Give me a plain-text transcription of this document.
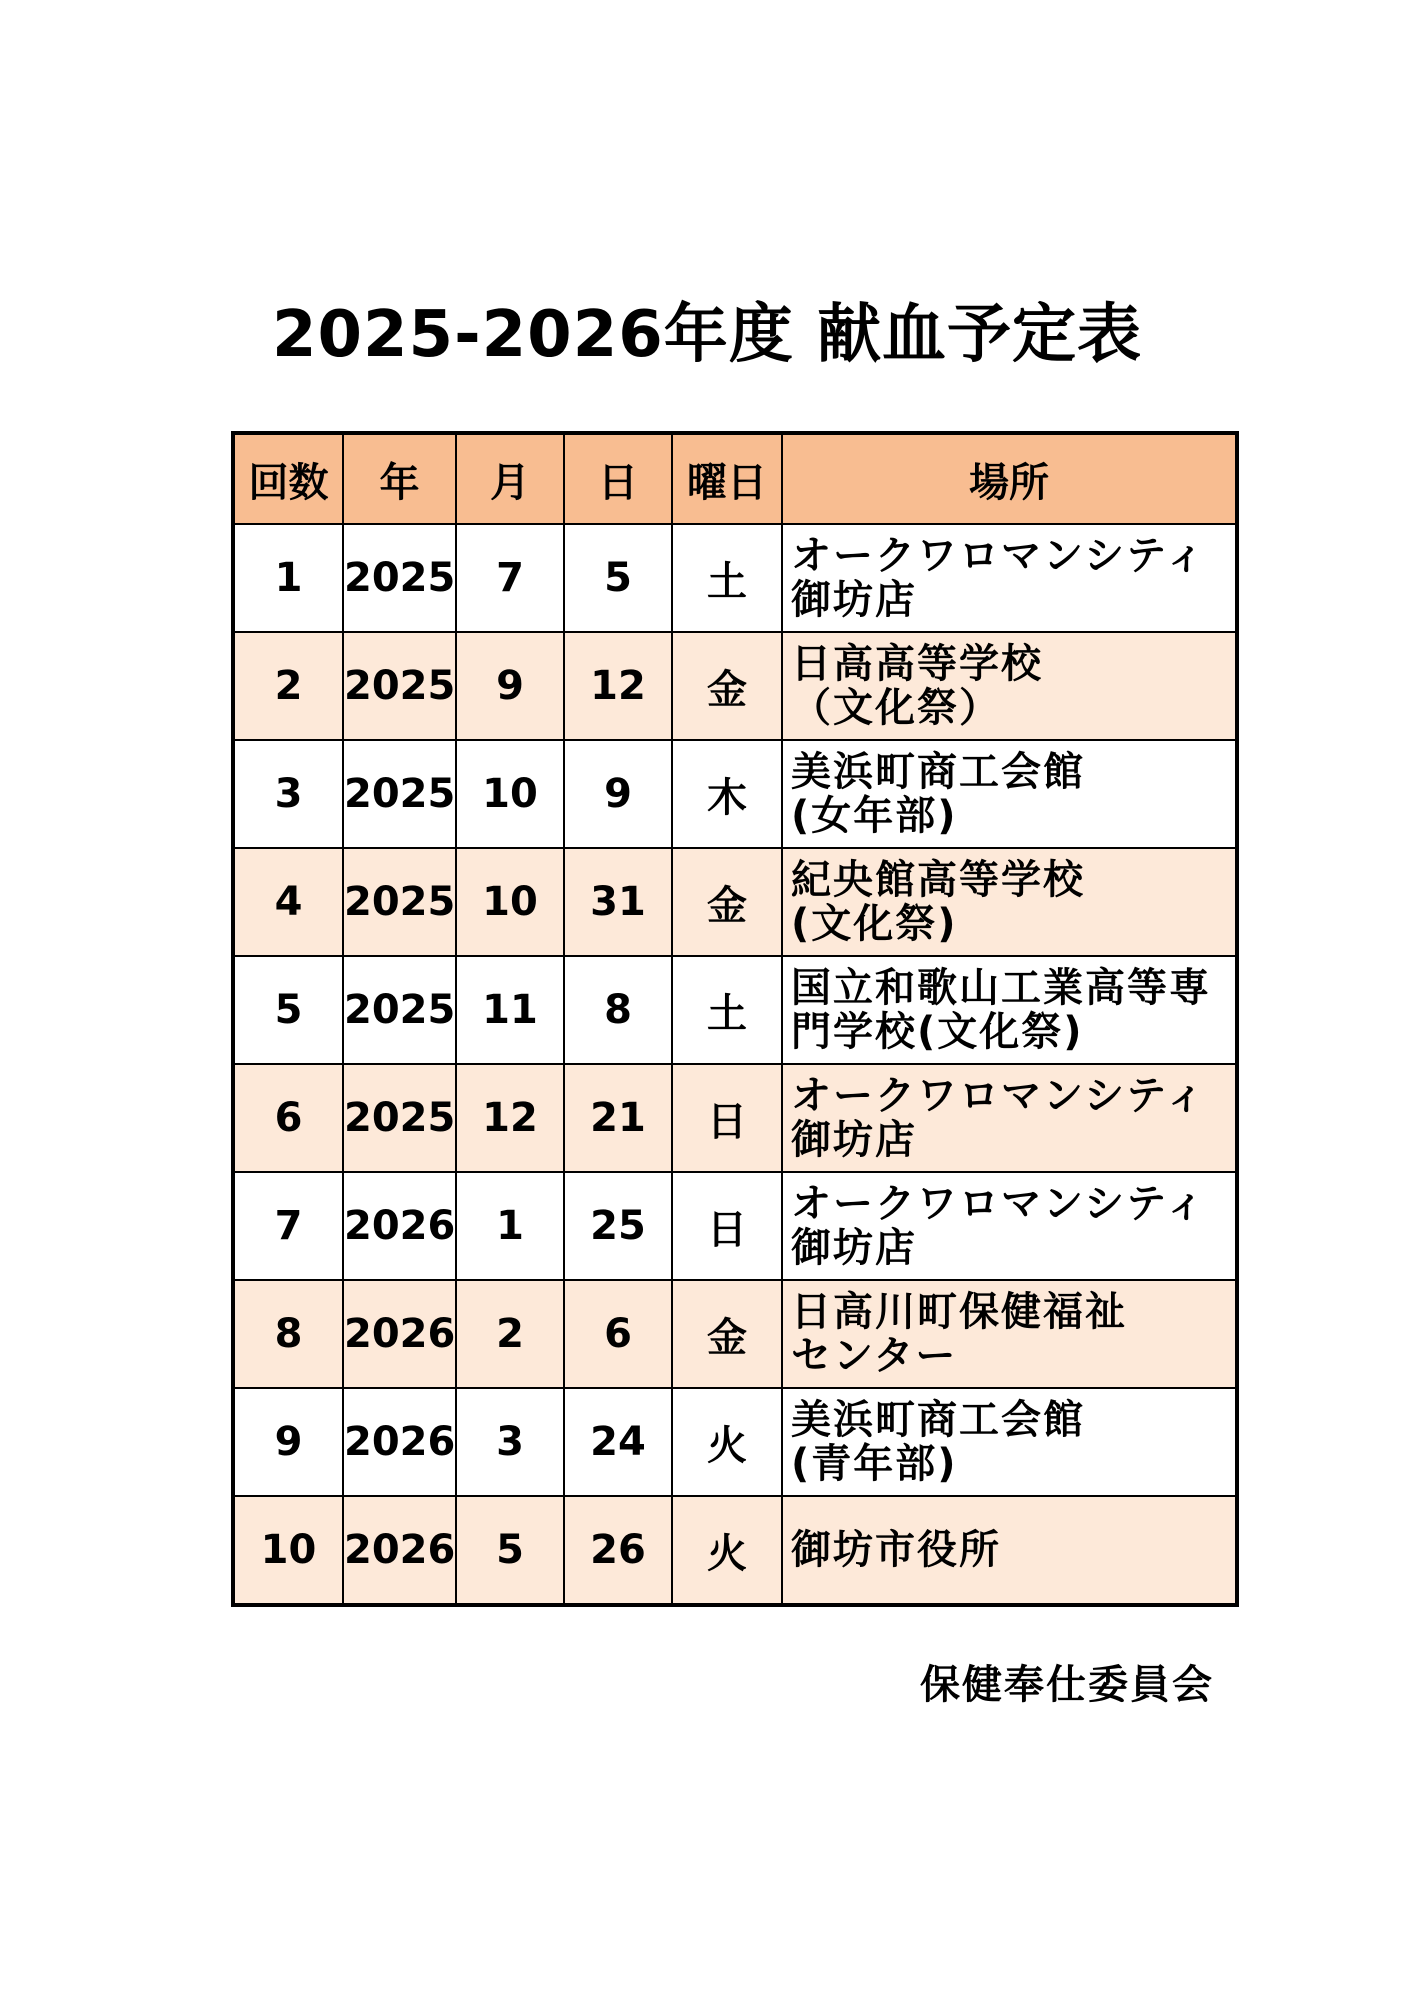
2025-2026年度 献血予定表
回数	年	月	日	曜日	場所
1	2025	7	5	土	オークワロマンシティ
御坊店
2	2025	9	12	金	日高高等学校
（文化祭）
3	2025	10	9	木	美浜町商工会館
(女年部)
4	2025	10	31	金	紀央館高等学校
(文化祭)
5	2025	11	8	土	国立和歌山工業高等専
門学校(文化祭)
6	2025	12	21	日	オークワロマンシティ
御坊店
7	2026	1	25	日	オークワロマンシティ
御坊店
8	2026	2	6	金	日高川町保健福祉
センター
9	2026	3	24	火	美浜町商工会館
(青年部)
10	2026	5	26	火	御坊市役所
保健奉仕委員会
